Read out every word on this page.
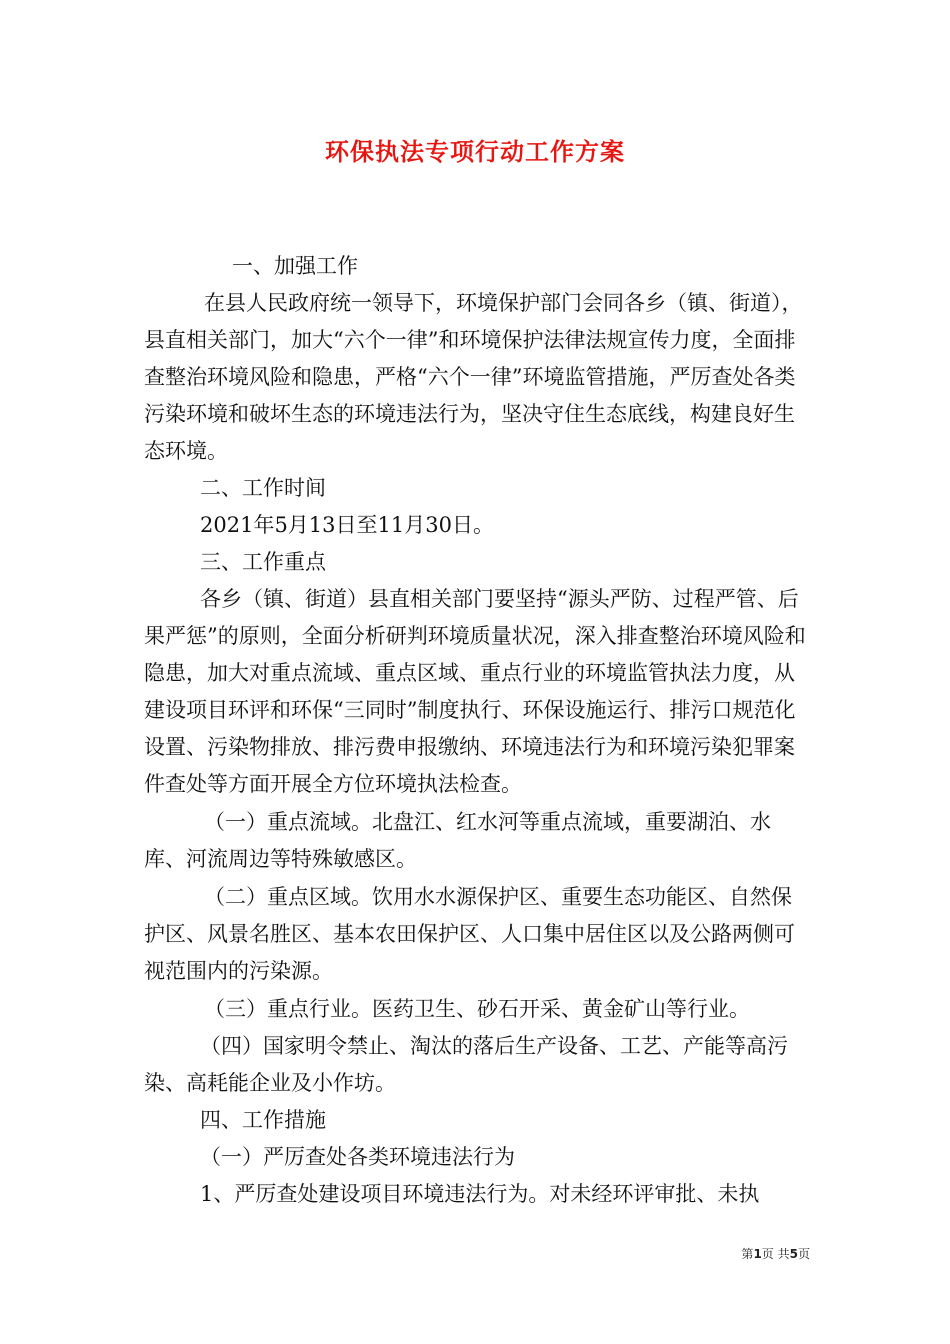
环保执法专项行动工作方案

一、加强工作

在县人民政府统一领导下，环境保护部门会同各乡（镇、街道），县直相关部门，加大“六个一律”和环境保护法律法规宣传力度，全面排查整治环境风险和隐患，严格“六个一律”环境监管措施，严厉查处各类污染环境和破坏生态的环境违法行为，坚决守住生态底线，构建良好生态环境。

二、工作时间

2021年5月13日至11月30日。

三、工作重点

各乡（镇、街道）县直相关部门要坚持“源头严防、过程严管、后果严惩”的原则，全面分析研判环境质量状况，深入排查整治环境风险和隐患，加大对重点流域、重点区域、重点行业的环境监管执法力度，从建设项目环评和环保“三同时”制度执行、环保设施运行、排污口规范化设置、污染物排放、排污费申报缴纳、环境违法行为和环境污染犯罪案件查处等方面开展全方位环境执法检查。

（一）重点流域。北盘江、红水河等重点流域，重要湖泊、水库、河流周边等特殊敏感区。

（二）重点区域。饮用水水源保护区、重要生态功能区、自然保护区、风景名胜区、基本农田保护区、人口集中居住区以及公路两侧可视范围内的污染源。

（三）重点行业。医药卫生、砂石开采、黄金矿山等行业。

（四）国家明令禁止、淘汰的落后生产设备、工艺、产能等高污染、高耗能企业及小作坊。

四、工作措施

（一）严厉查处各类环境违法行为

1、严厉查处建设项目环境违法行为。对未经环评审批、未执

第1页 共5页
